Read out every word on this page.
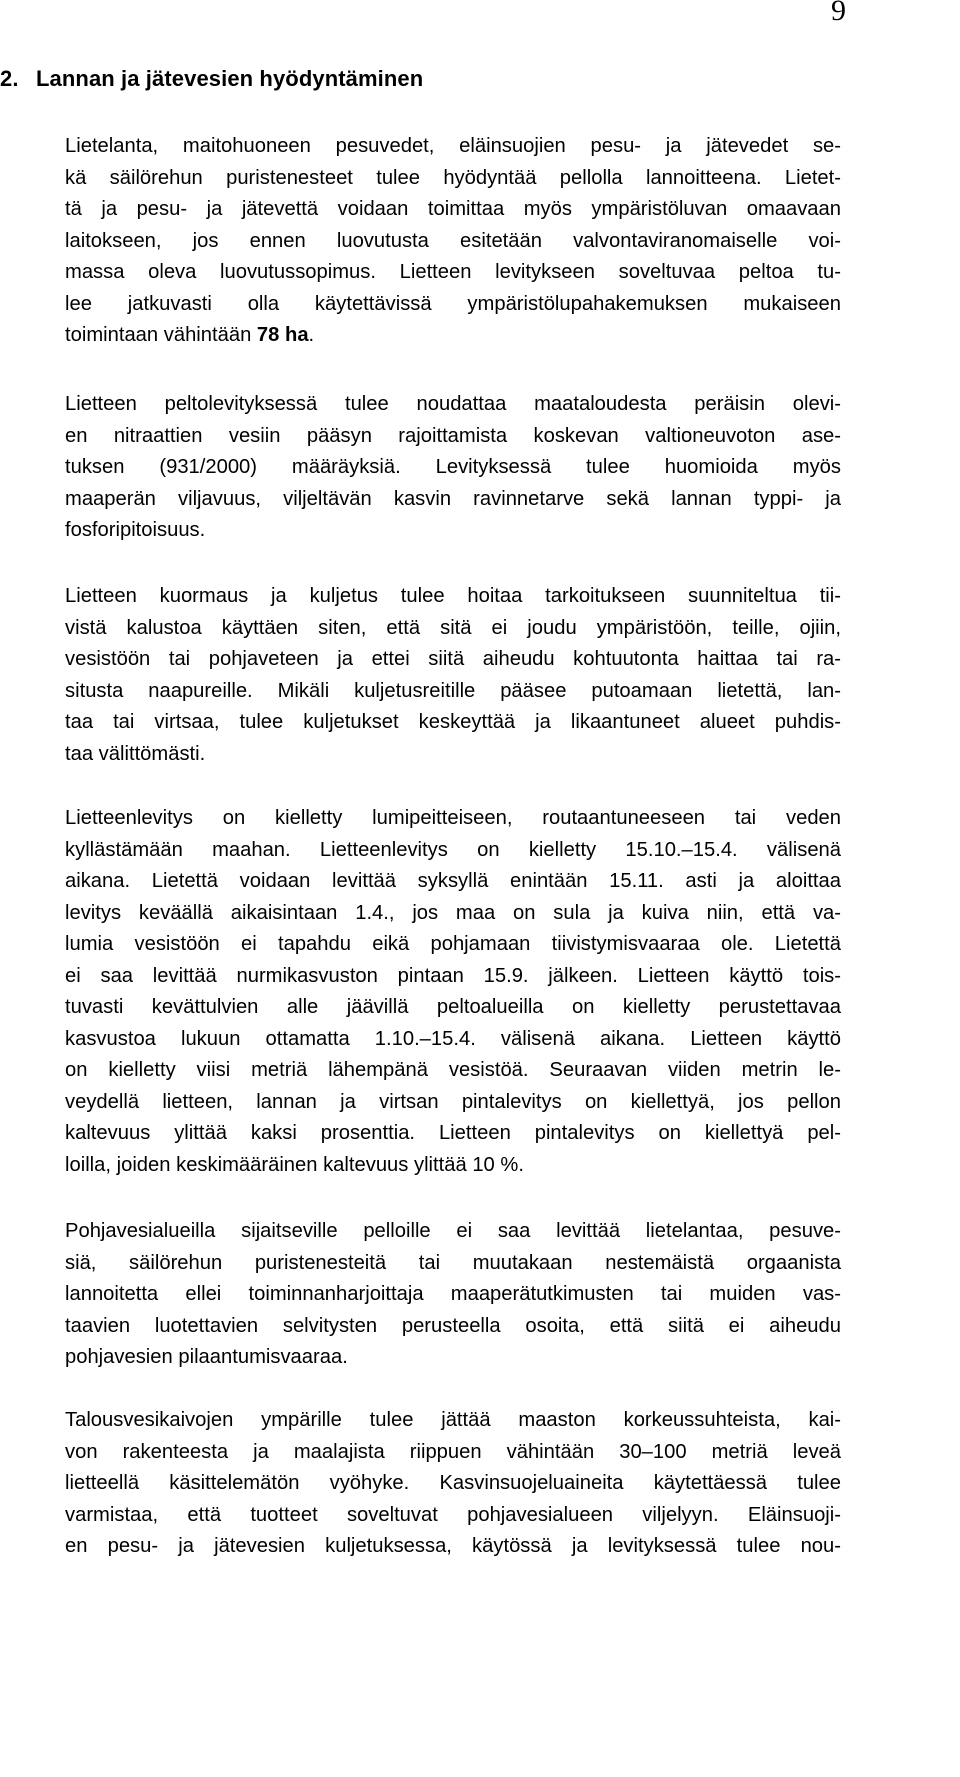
9
2. Lannan ja jätevesien hyödyntäminen

Lietelanta, maitohuoneen pesuvedet, eläinsuojien pesu- ja jätevedet se-
kä säilörehun puristenesteet tulee hyödyntää pellolla lannoitteena. Lietet-
tä ja pesu- ja jätevettä voidaan toimittaa myös ympäristöluvan omaavaan
laitokseen, jos ennen luovutusta esitetään valvontaviranomaiselle voi-
massa oleva luovutussopimus. Lietteen levitykseen soveltuvaa peltoa tu-
lee jatkuvasti olla käytettävissä ympäristölupahakemuksen mukaiseen
toimintaan vähintään 78 ha.

Lietteen peltolevityksessä tulee noudattaa maataloudesta peräisin olevi-
en nitraattien vesiin pääsyn rajoittamista koskevan valtioneuvoton ase-
tuksen (931/2000) määräyksiä. Levityksessä tulee huomioida myös
maaperän viljavuus, viljeltävän kasvin ravinnetarve sekä lannan typpi- ja
fosforipitoisuus.

Lietteen kuormaus ja kuljetus tulee hoitaa tarkoitukseen suunniteltua tii-
vistä kalustoa käyttäen siten, että sitä ei joudu ympäristöön, teille, ojiin,
vesistöön tai pohjaveteen ja ettei siitä aiheudu kohtuutonta haittaa tai ra-
situsta naapureille. Mikäli kuljetusreitille pääsee putoamaan lietettä, lan-
taa tai virtsaa, tulee kuljetukset keskeyttää ja likaantuneet alueet puhdis-
taa välittömästi.

Lietteenlevitys on kielletty lumipeitteiseen, routaantuneeseen tai veden
kyllästämään maahan. Lietteenlevitys on kielletty 15.10.–15.4. välisenä
aikana. Lietettä voidaan levittää syksyllä enintään 15.11. asti ja aloittaa
levitys keväällä aikaisintaan 1.4., jos maa on sula ja kuiva niin, että va-
lumia vesistöön ei tapahdu eikä pohjamaan tiivistymisvaaraa ole. Lietettä
ei saa levittää nurmikasvuston pintaan 15.9. jälkeen. Lietteen käyttö tois-
tuvasti kevättulvien alle jäävillä peltoalueilla on kielletty perustettavaa
kasvustoa lukuun ottamatta 1.10.–15.4. välisenä aikana. Lietteen käyttö
on kielletty viisi metriä lähempänä vesistöä. Seuraavan viiden metrin le-
veydellä lietteen, lannan ja virtsan pintalevitys on kiellettyä, jos pellon
kaltevuus ylittää kaksi prosenttia. Lietteen pintalevitys on kiellettyä pel-
loilla, joiden keskimääräinen kaltevuus ylittää 10 %.

Pohjavesialueilla sijaitseville pelloille ei saa levittää lietelantaa, pesuve-
siä, säilörehun puristenesteitä tai muutakaan nestemäistä orgaanista
lannoitetta ellei toiminnanharjoittaja maaperätutkimusten tai muiden vas-
taavien luotettavien selvitysten perusteella osoita, että siitä ei aiheudu
pohjavesien pilaantumisvaaraa.

Talousvesikaivojen ympärille tulee jättää maaston korkeussuhteista, kai-
von rakenteesta ja maalajista riippuen vähintään 30–100 metriä leveä
lietteellä käsittelemätön vyöhyke. Kasvinsuojeluaineita käytettäessä tulee
varmistaa, että tuotteet soveltuvat pohjavesialueen viljelyyn. Eläinsuoji-
en pesu- ja jätevesien kuljetuksessa, käytössä ja levityksessä tulee nou-
